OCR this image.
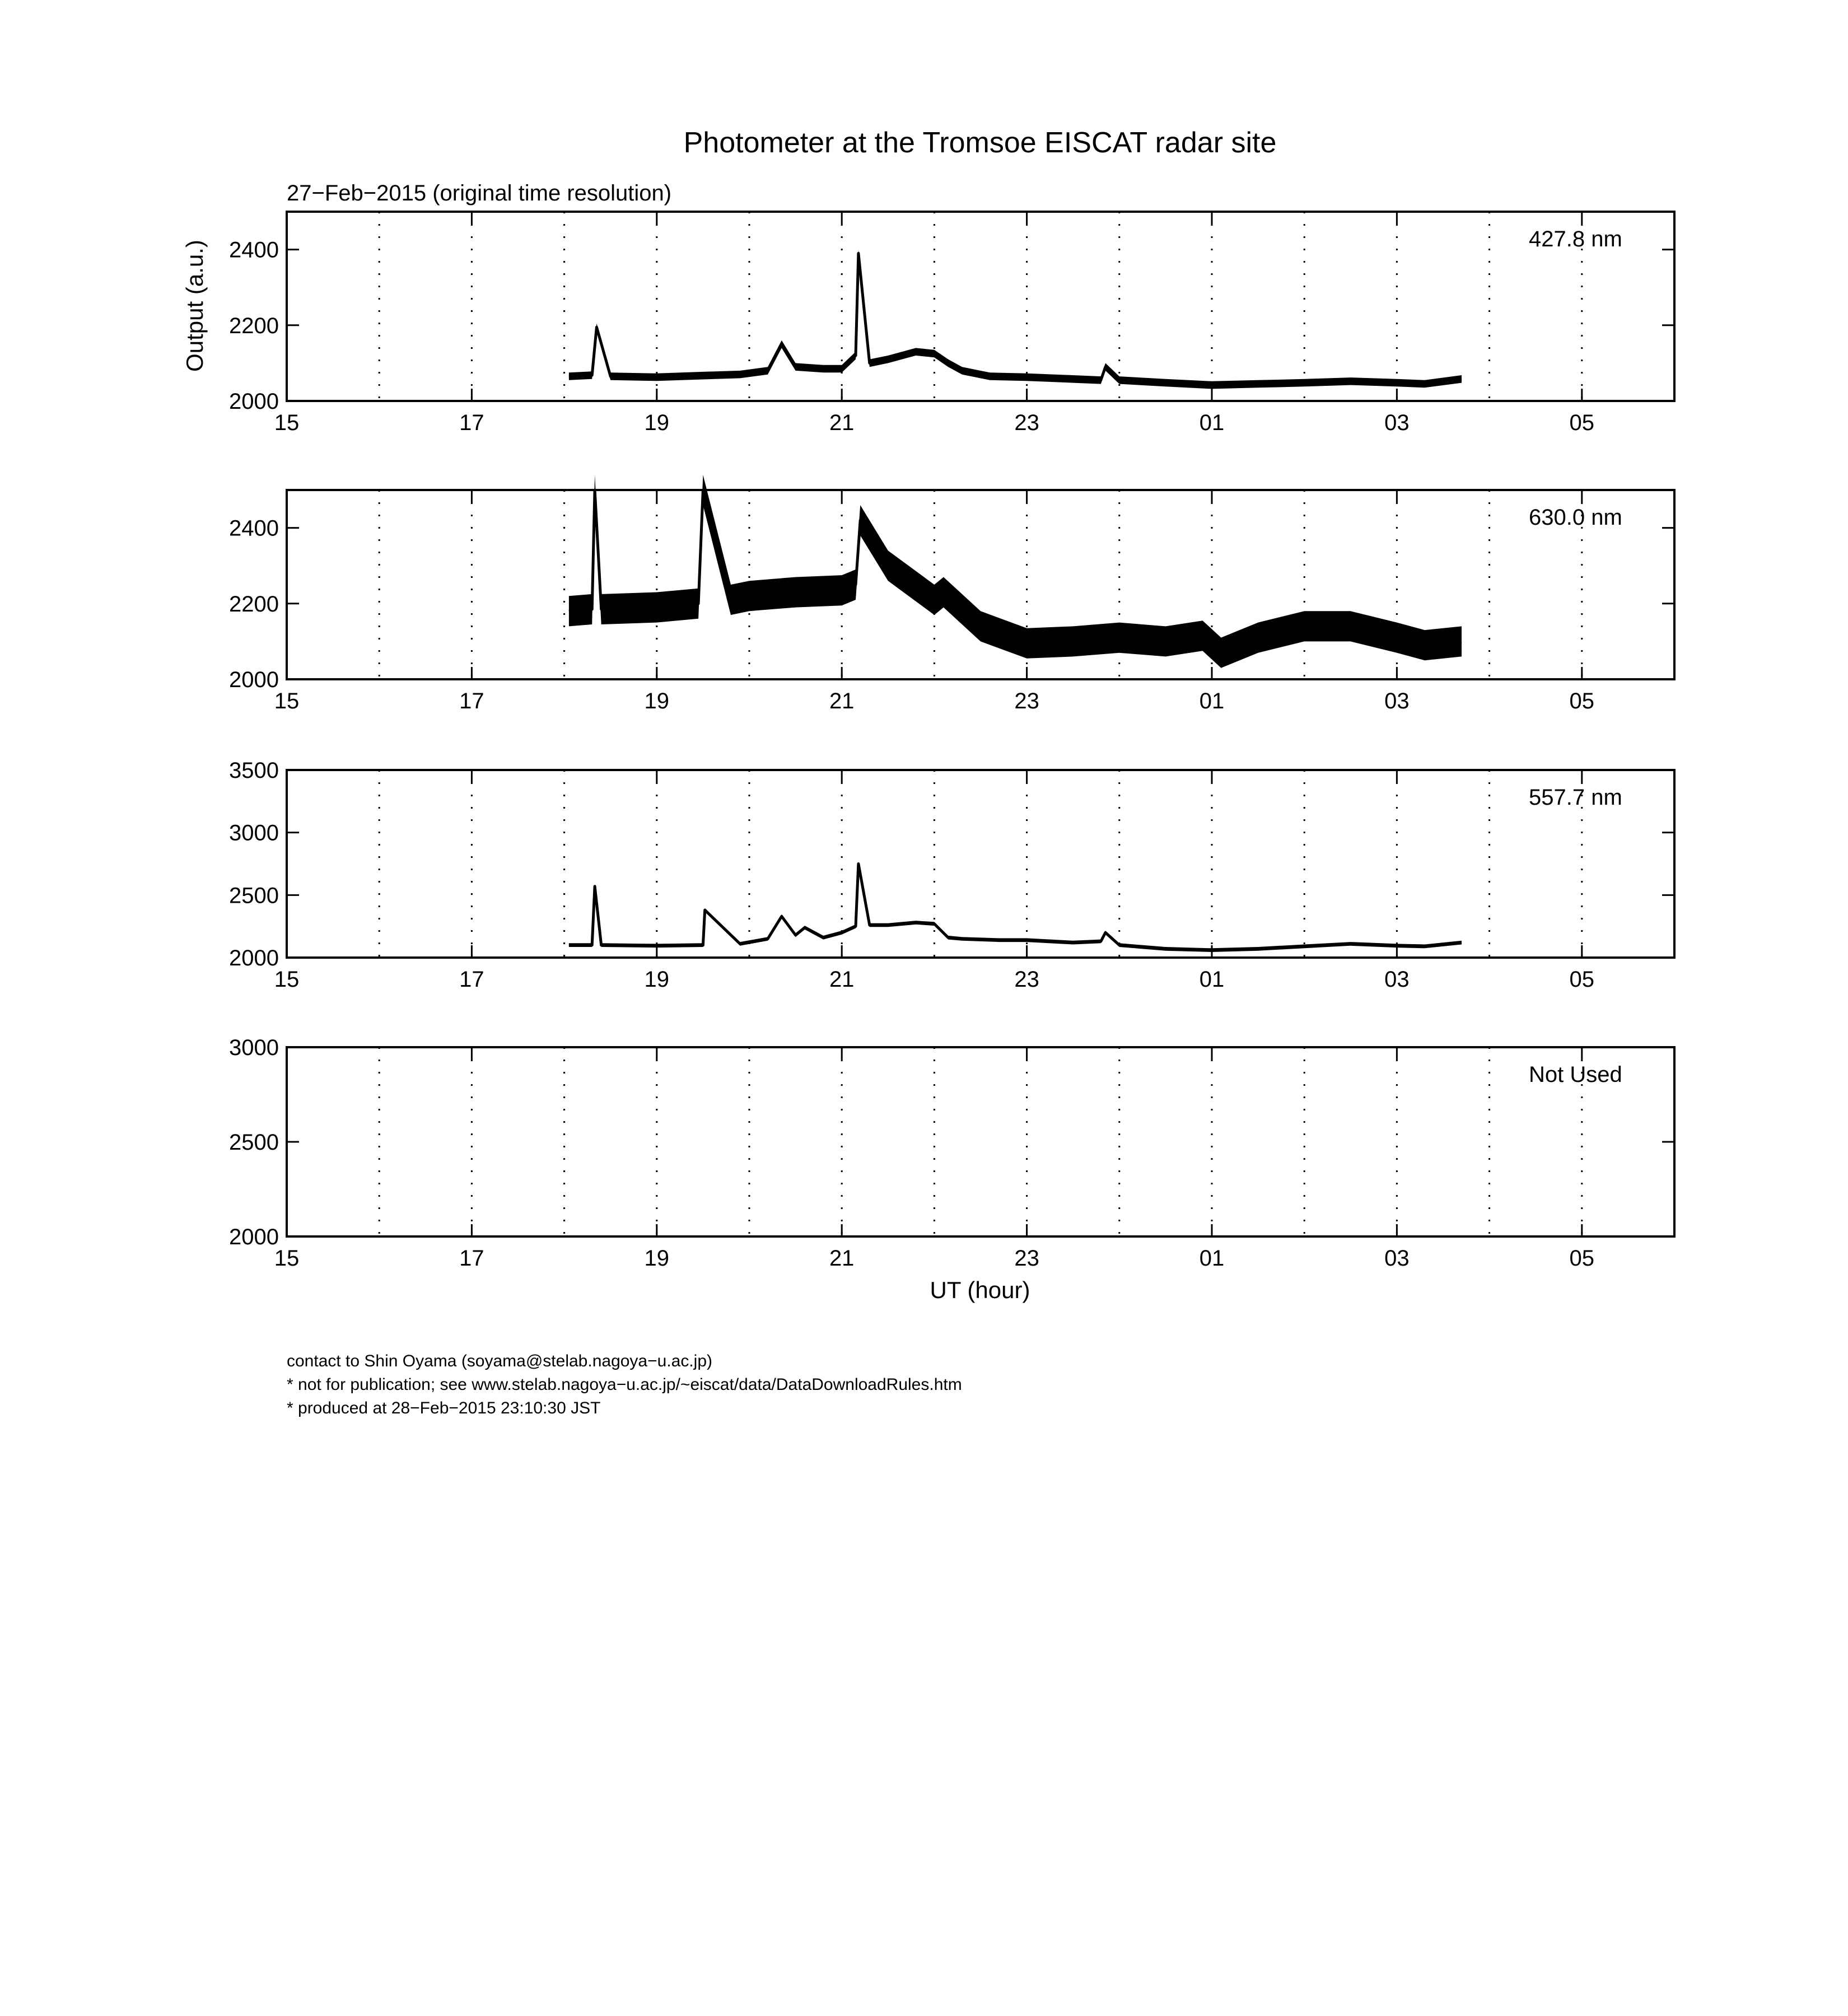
Photometer at the Tromsoe EISCAT radar site
27−Feb−2015 (original time resolution)
Output (a.u.)
UT (hour)
15	17	19	21	23	01	03	05
2000
2200
2400	427.8 nm
15	17	19	21	23	01	03	05
2000
2200
2400	630.0 nm
15	17	19	21	23	01	03	05
2000
2500
3000
3500
557.7 nm
15	17	19	21	23	01	03	05
2000
2500
3000
Not Used
contact to Shin Oyama (soyama@stelab.nagoya−u.ac.jp)
* not for publication; see www.stelab.nagoya−u.ac.jp/~eiscat/data/DataDownloadRules.htm
* produced at 28−Feb−2015 23:10:30 JST
